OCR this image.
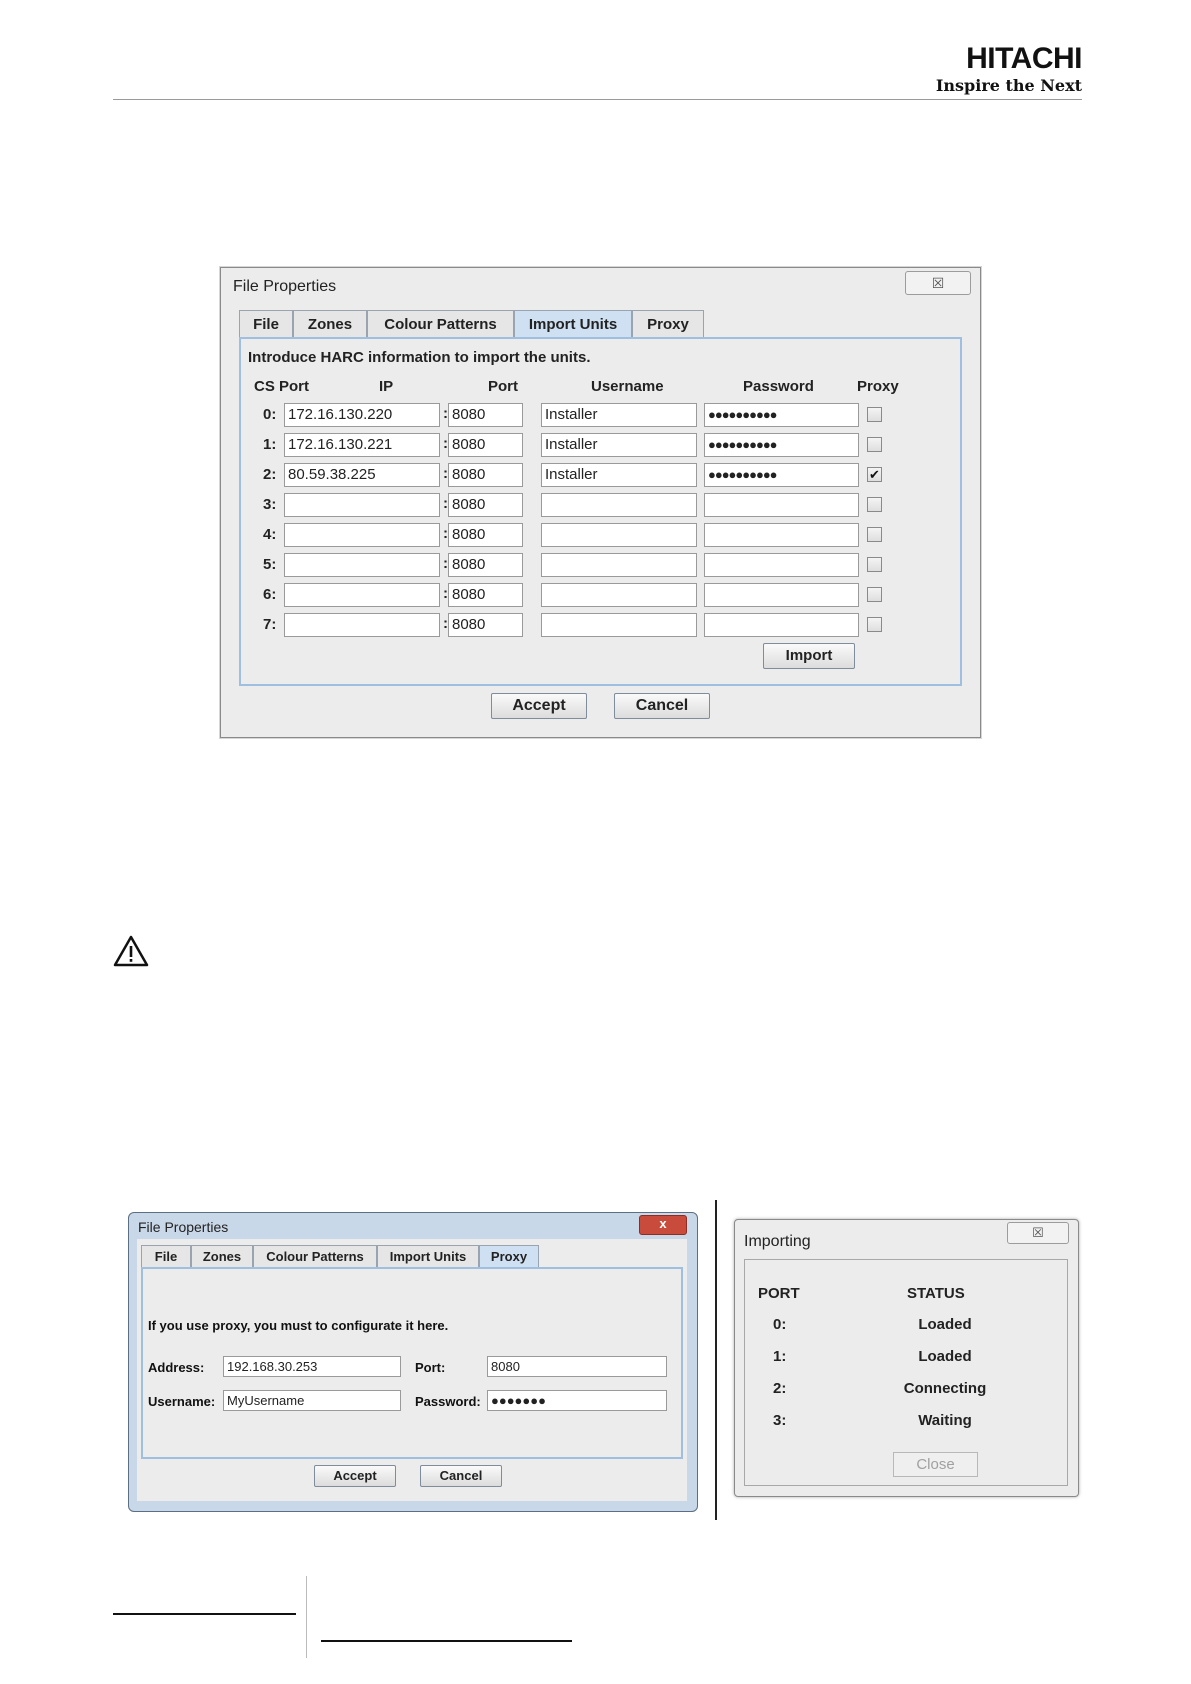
HITACHI
Inspire the Next
File Properties	☒
File	Zones	Colour Patterns	Import Units	Proxy
Introduce HARC information to import the units.
CS Port	IP	Port	Username	Password	Proxy
0: 172.16.130.220	: 8080	Installer	●●●●●●●●●●
1: 172.16.130.221	: 8080	Installer	●●●●●●●●●●
2: 80.59.38.225	: 8080	Installer	●●●●●●●●●●	✔
3:	: 8080
4:	: 8080
5:	: 8080
6:	: 8080
7:	: 8080
Import
Accept	Cancel
File Properties	x
File	Zones	Colour Patterns	Import Units	Proxy
If you use proxy, you must to configurate it here.
Address:	192.168.30.253	Port:	8080
Username: MyUsername	Password: ●●●●●●●
Accept	Cancel
Importing
☒
PORT	STATUS
0:	Loaded
1:	Loaded
2:	Connecting
3:	Waiting
Close
